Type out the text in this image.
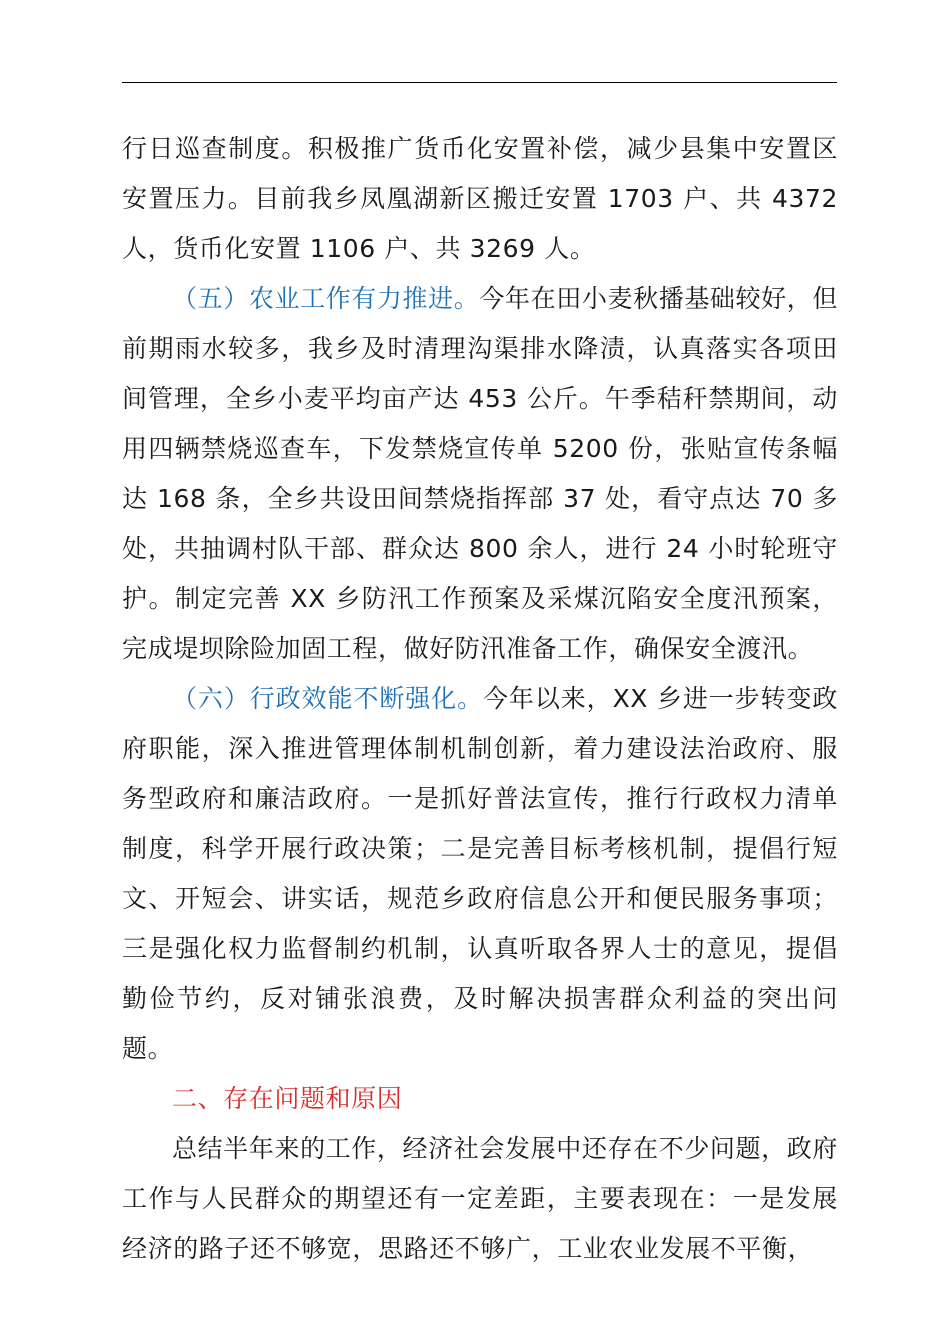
行日巡查制度。积极推广货币化安置补偿，减少县集中安置区安置压力。目前我乡凤凰湖新区搬迁安置 1703 户、共 4372 人，货币化安置 1106 户、共 3269 人。

（五）农业工作有力推进。今年在田小麦秋播基础较好，但前期雨水较多，我乡及时清理沟渠排水降渍，认真落实各项田间管理，全乡小麦平均亩产达 453 公斤。午季秸秆禁期间，动用四辆禁烧巡查车，下发禁烧宣传单 5200 份，张贴宣传条幅达 168 条，全乡共设田间禁烧指挥部 37 处，看守点达 70 多处，共抽调村队干部、群众达 800 余人，进行 24 小时轮班守护。制定完善 XX 乡防汛工作预案及采煤沉陷安全度汛预案，完成堤坝除险加固工程，做好防汛准备工作，确保安全渡汛。

（六）行政效能不断强化。今年以来，XX 乡进一步转变政府职能，深入推进管理体制机制创新，着力建设法治政府、服务型政府和廉洁政府。一是抓好普法宣传，推行行政权力清单制度，科学开展行政决策；二是完善目标考核机制，提倡行短文、开短会、讲实话，规范乡政府信息公开和便民服务事项；三是强化权力监督制约机制，认真听取各界人士的意见，提倡勤俭节约，反对铺张浪费，及时解决损害群众利益的突出问题。

二、存在问题和原因

总结半年来的工作，经济社会发展中还存在不少问题，政府工作与人民群众的期望还有一定差距，主要表现在：一是发展经济的路子还不够宽，思路还不够广，工业农业发展不平衡，
